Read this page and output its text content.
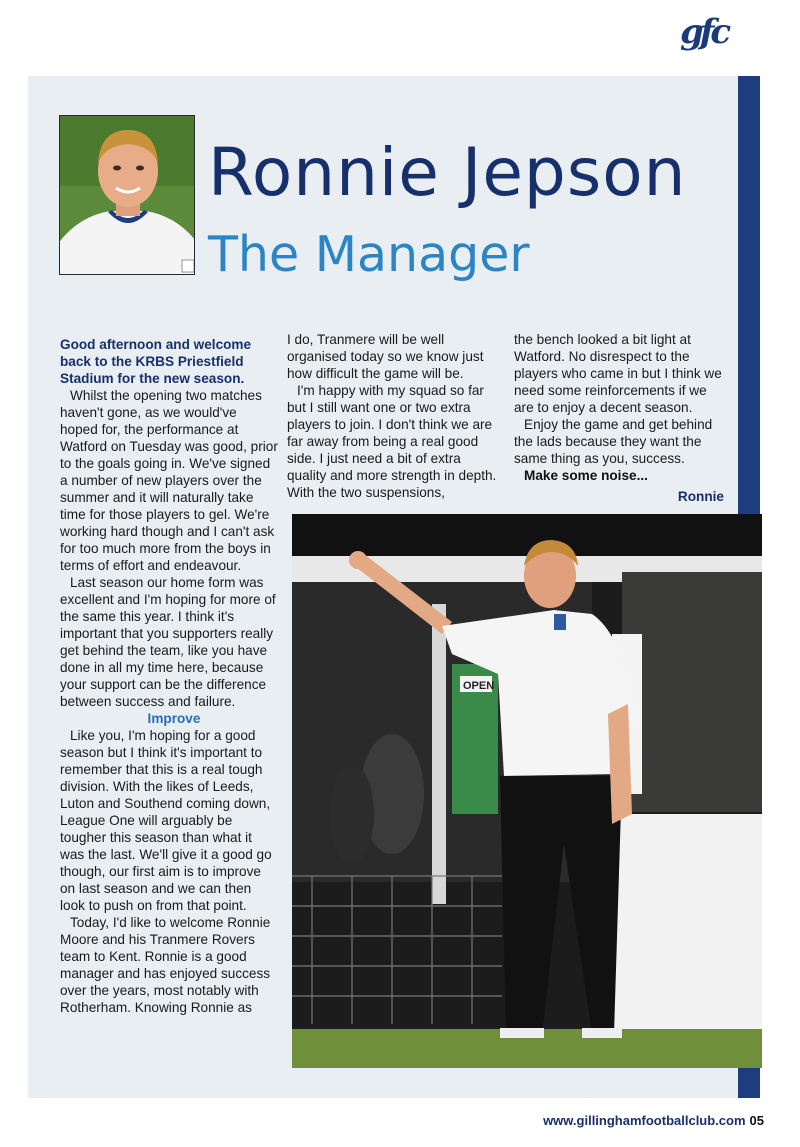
gfc
Ronnie Jepson
The Manager

Good afternoon and welcome back to the KRBS Priestfield Stadium for the new season.

Whilst the opening two matches haven't gone, as we would've hoped for, the performance at Watford on Tuesday was good, prior to the goals going in. We've signed a number of new players over the summer and it will naturally take time for those players to gel. We're working hard though and I can't ask for too much more from the boys in terms of effort and endeavour.

Last season our home form was excellent and I'm hoping for more of the same this year. I think it's important that you supporters really get behind the team, like you have done in all my time here, because your support can be the difference between success and failure.

Improve

Like you, I'm hoping for a good season but I think it's important to remember that this is a real tough division. With the likes of Leeds, Luton and Southend coming down, League One will arguably be tougher this season than what it was the last. We'll give it a good go though, our first aim is to improve on last season and we can then look to push on from that point.

Today, I'd like to welcome Ronnie Moore and his Tranmere Rovers team to Kent. Ronnie is a good manager and has enjoyed success over the years, most notably with Rotherham. Knowing Ronnie as

I do, Tranmere will be well organised today so we know just how difficult the game will be.

I'm happy with my squad so far but I still want one or two extra players to join. I don't think we are far away from being a real good side. I just need a bit of extra quality and more strength in depth. With the two suspensions,

the bench looked a bit light at Watford. No disrespect to the players who came in but I think we need some reinforcements if we are to enjoy a decent season.

Enjoy the game and get behind the lads because they want the same thing as you, success.

Make some noise...

Ronnie
OPEN
www.gillinghamfootballclub.com 05
